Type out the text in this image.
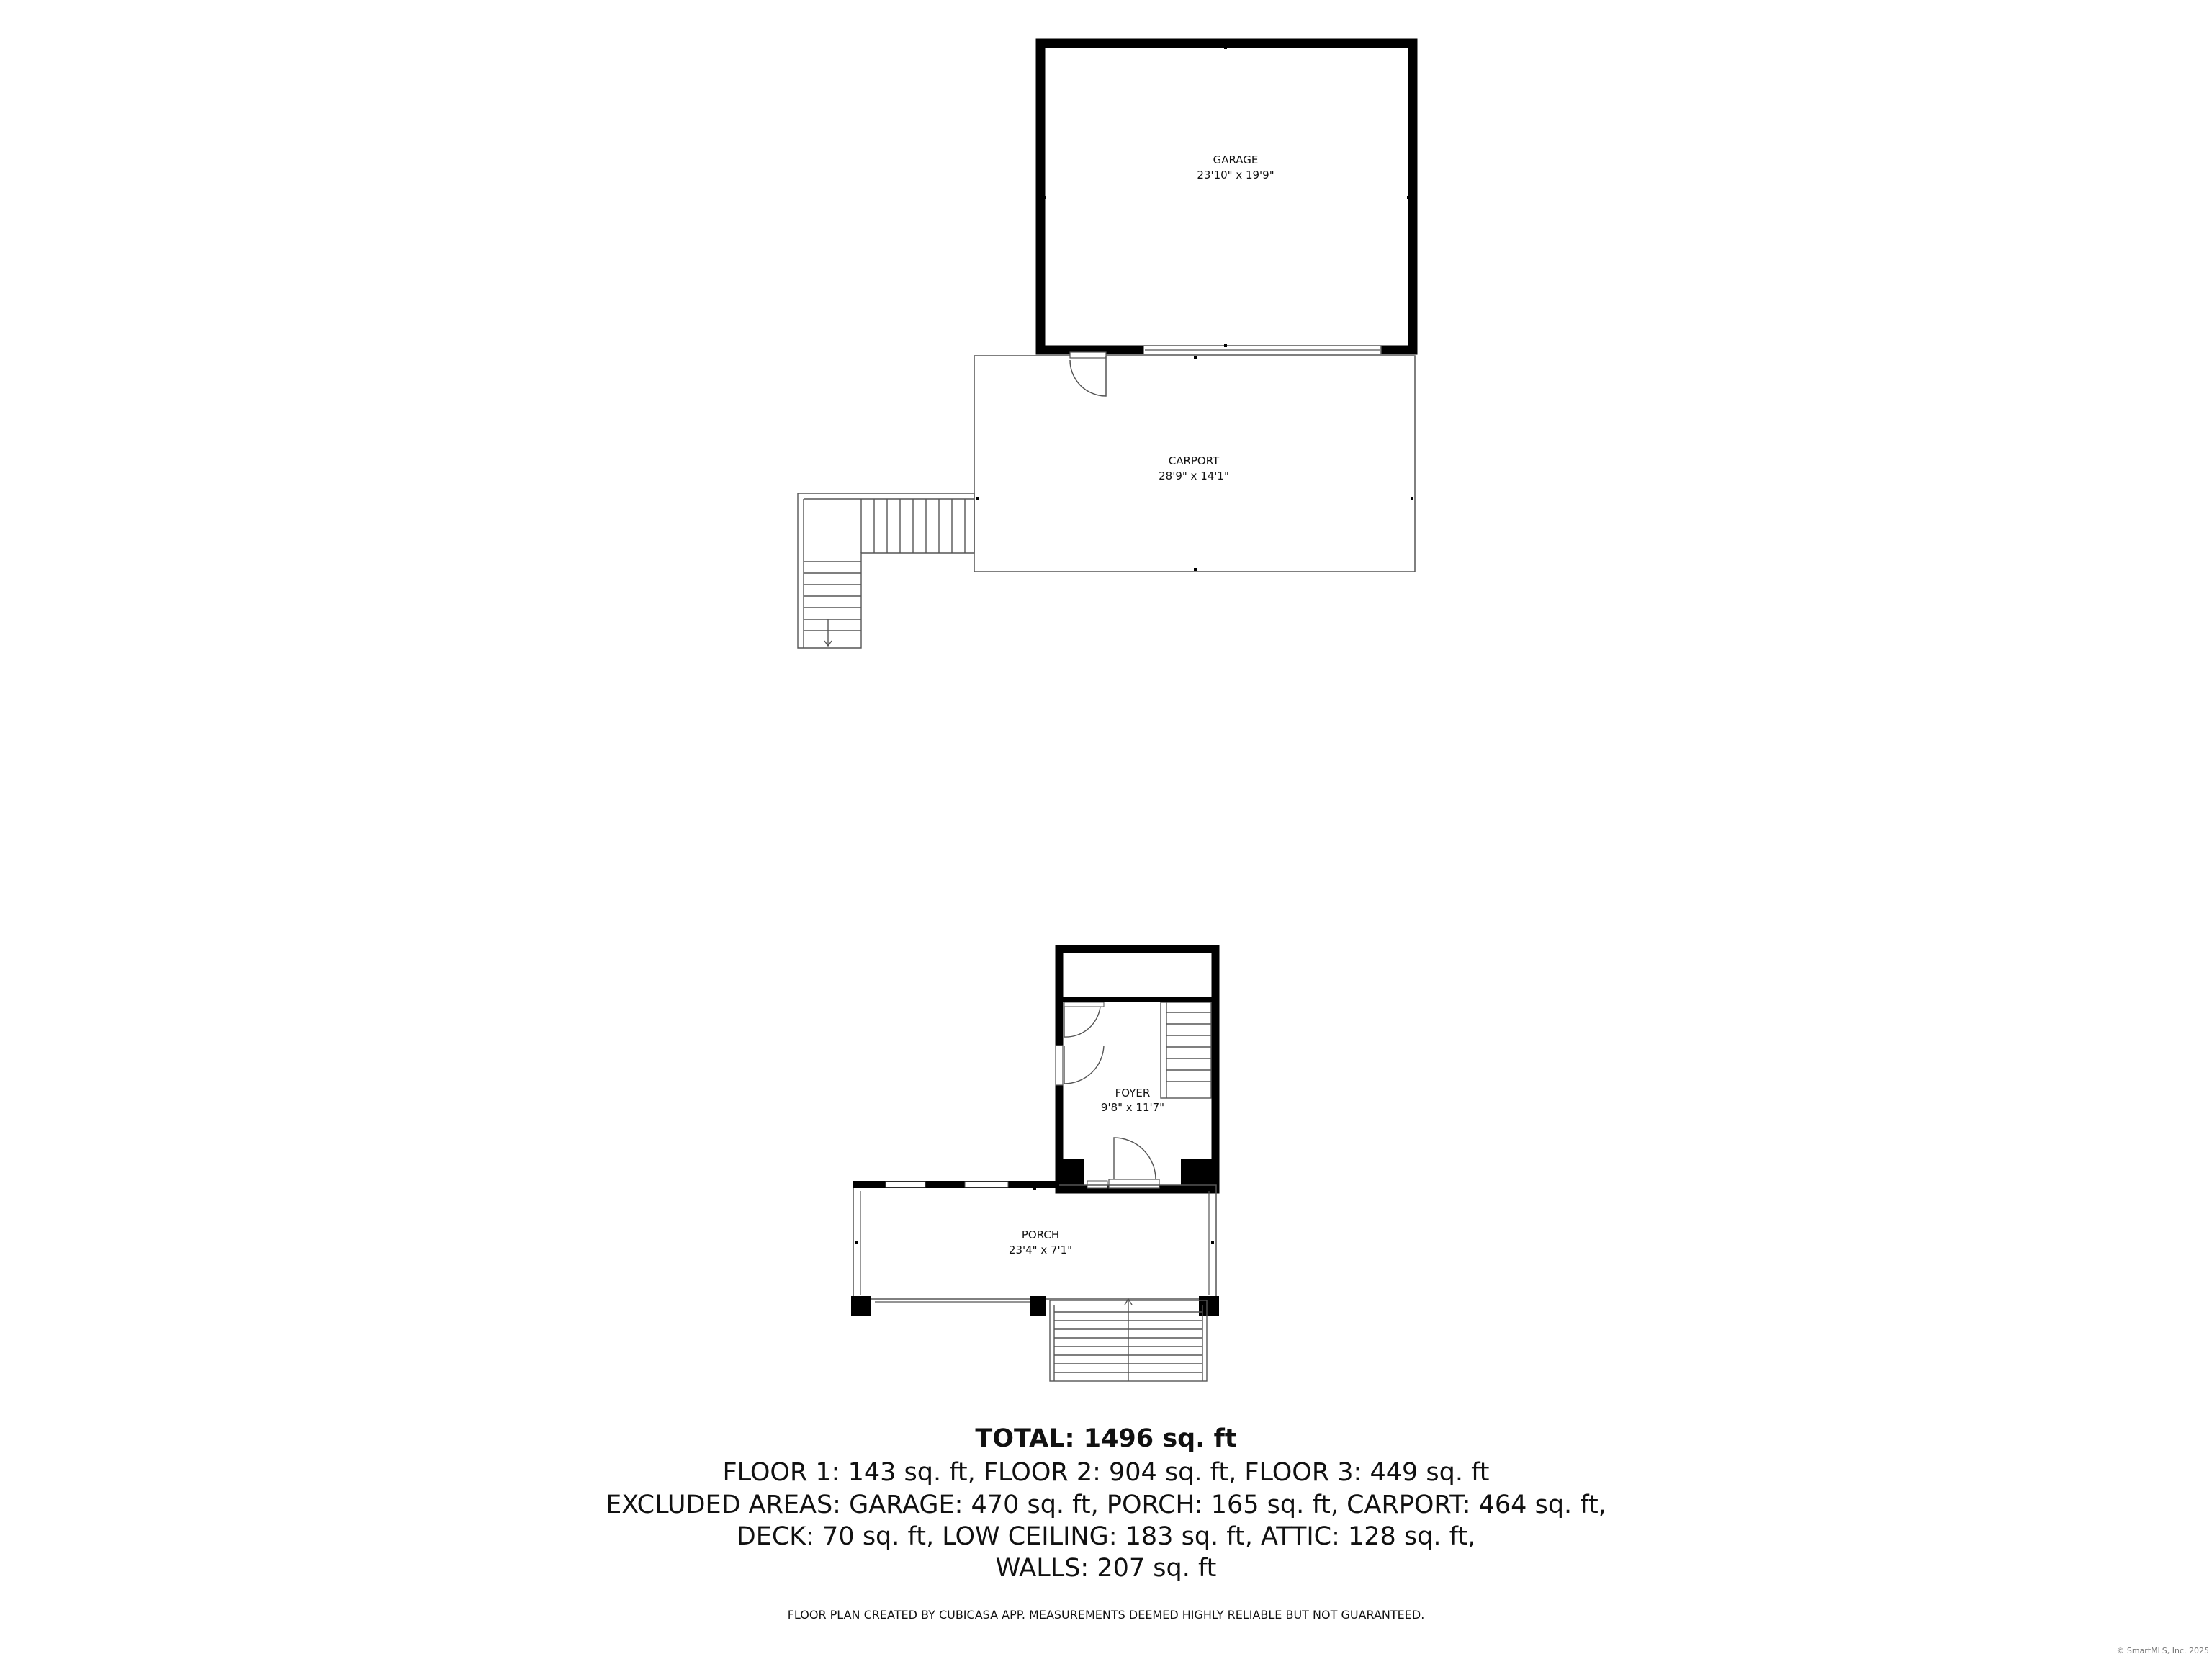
GARAGE
23'10" x 19'9"
CARPORT
28'9" x 14'1"
FOYER
9'8" x 11'7"
PORCH
23'4" x 7'1"
TOTAL: 1496 sq. ft
FLOOR 1: 143 sq. ft, FLOOR 2: 904 sq. ft, FLOOR 3: 449 sq. ft
EXCLUDED AREAS: GARAGE: 470 sq. ft, PORCH: 165 sq. ft, CARPORT: 464 sq. ft,
DECK: 70 sq. ft, LOW CEILING: 183 sq. ft, ATTIC: 128 sq. ft,
WALLS: 207 sq. ft
FLOOR PLAN CREATED BY CUBICASA APP. MEASUREMENTS DEEMED HIGHLY RELIABLE BUT NOT GUARANTEED.
© SmartMLS, Inc. 2025
